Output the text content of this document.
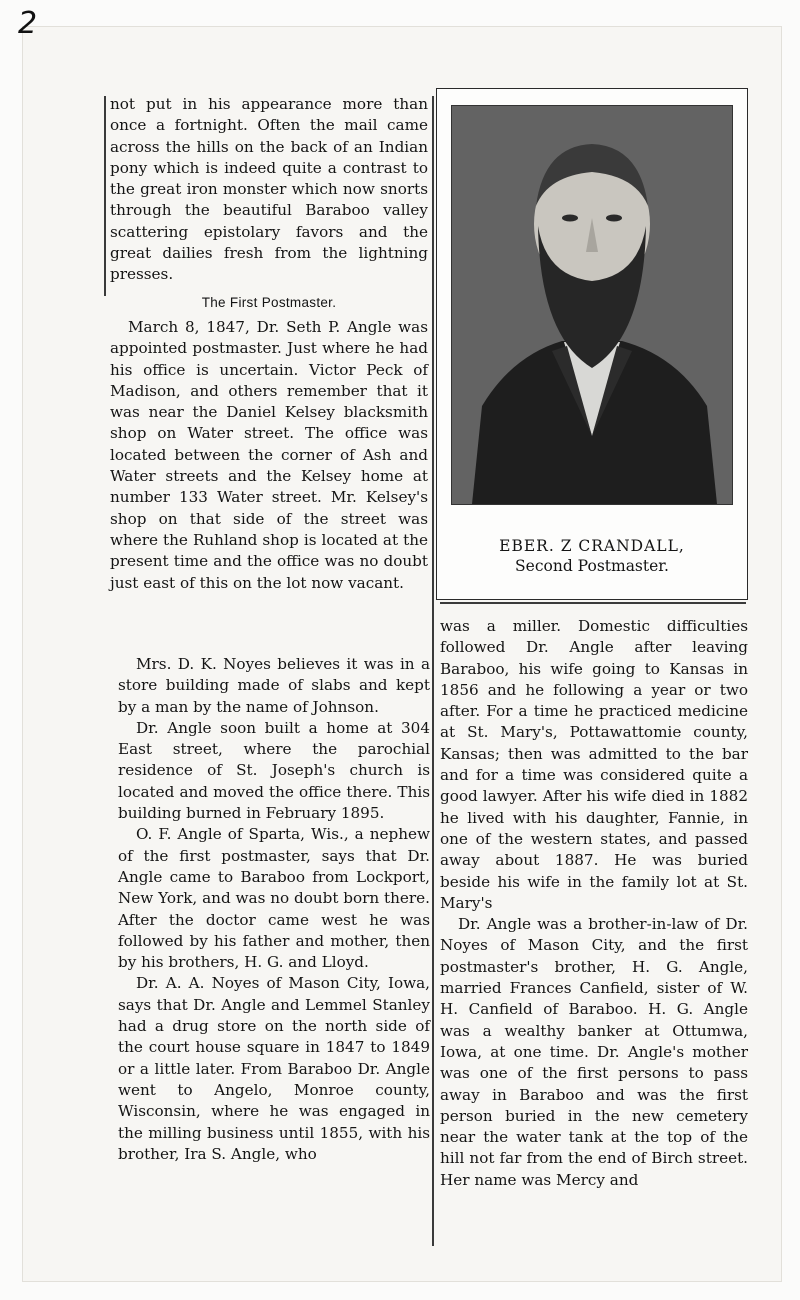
2

not put in his appearance more than once a fortnight. Often the mail came across the hills on the back of an Indian pony which is indeed quite a contrast to the great iron monster which now snorts through the beautiful Baraboo valley scattering epistolary favors and the great dailies fresh from the lightning presses.

The First Postmaster.

March 8, 1847, Dr. Seth P. Angle was appointed postmaster. Just where he had his office is uncertain. Victor Peck of Madison, and others remember that it was near the Daniel Kelsey blacksmith shop on Water street. The office was located between the corner of Ash and Water streets and the Kelsey home at number 133 Water street. Mr. Kelsey's shop on that side of the street was where the Ruhland shop is located at the present time and the office was no doubt just east of this on the lot now vacant.

Mrs. D. K. Noyes believes it was in a store building made of slabs and kept by a man by the name of Johnson.

Dr. Angle soon built a home at 304 East street, where the parochial residence of St. Joseph's church is located and moved the office there. This building burned in February 1895.

O. F. Angle of Sparta, Wis., a nephew of the first postmaster, says that Dr. Angle came to Baraboo from Lockport, New York, and was no doubt born there. After the doctor came west he was followed by his father and mother, then by his brothers, H. G. and Lloyd.

Dr. A. A. Noyes of Mason City, Iowa, says that Dr. Angle and Lemmel Stanley had a drug store on the north side of the court house square in 1847 to 1849 or a little later. From Baraboo Dr. Angle went to Angelo, Monroe county, Wisconsin, where he was engaged in the milling business until 1855, with his brother, Ira S. Angle, who

EBER. Z CRANDALL,
Second Postmaster.

was a miller. Domestic difficulties followed Dr. Angle after leaving Baraboo, his wife going to Kansas in 1856 and he following a year or two after. For a time he practiced medicine at St. Mary's, Pottawattomie county, Kansas; then was admitted to the bar and for a time was considered quite a good lawyer. After his wife died in 1882 he lived with his daughter, Fannie, in one of the western states, and passed away about 1887. He was buried beside his wife in the family lot at St. Mary's

Dr. Angle was a brother-in-law of Dr. Noyes of Mason City, and the first postmaster's brother, H. G. Angle, married Frances Canfield, sister of W. H. Canfield of Baraboo. H. G. Angle was a wealthy banker at Ottumwa, Iowa, at one time. Dr. Angle's mother was one of the first persons to pass away in Baraboo and was the first person buried in the new cemetery near the water tank at the top of the hill not far from the end of Birch street. Her name was Mercy and
